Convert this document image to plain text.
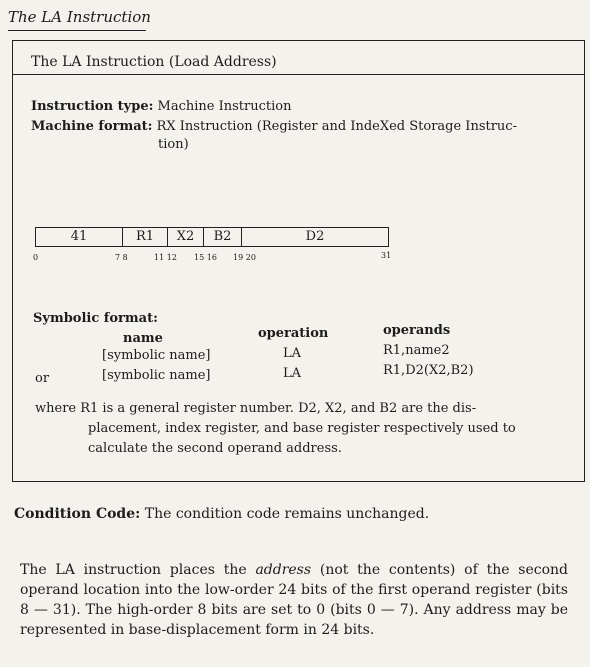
The LA Instruction
The LA Instruction (Load Address)
Instruction type: Machine Instruction
Machine format: RX Instruction (Register and IndeXed Storage Instruc-
tion)
41	R1	X2	B2	D2
0	7 8	11 12 15 16 19 20	31
Symbolic format:
name	operation	operands
[symbolic name]	LA	R1,name2
or	[symbolic name]	LA	R1,D2(X2,B2)
where R1 is a general register number. D2, X2, and B2 are the dis-
placement, index register, and base register respectively used to
calculate the second operand address.
Condition Code: The condition code remains unchanged.
The LA instruction places the address (not the contents) of the second operand location into the low-order 24 bits of the first operand register (bits 8 — 31). The high-order 8 bits are set to 0 (bits 0 — 7). Any address may be represented in base-displacement form in 24 bits.
